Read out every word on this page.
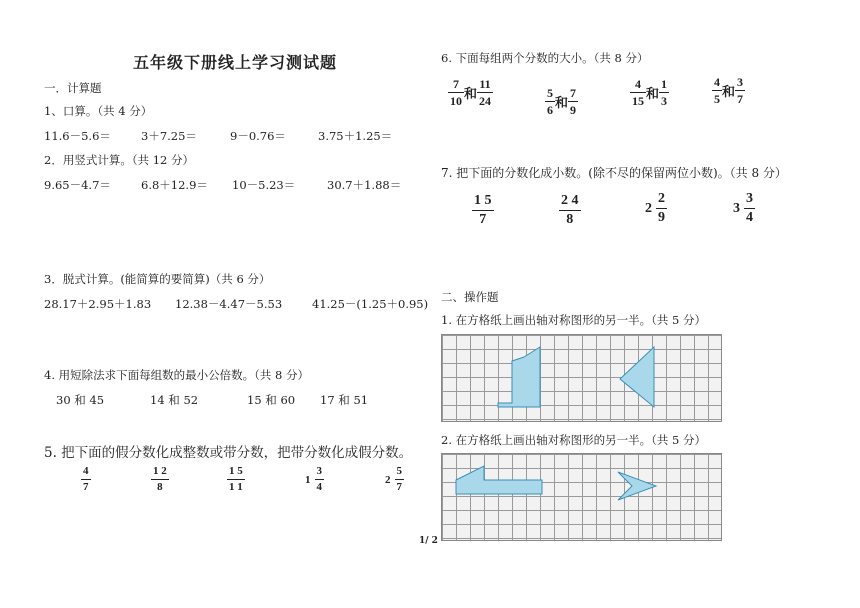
五年级下册线上学习测试题
一．计算题
1、口算。（共 4 分）
11.6－5.6＝	3＋7.25＝	9－0.76＝	3.75＋1.25＝
2．用竖式计算。（共 12 分）
9.65－4.7＝	6.8＋12.9＝ 10－5.23＝	30.7＋1.88＝
3．脱式计算。(能简算的要简算)（共 6 分）
28.17＋2.95＋1.83 12.38－4.47－5.53	41.25－(1.25＋0.95)
4. 用短除法求下面每组数的最小公倍数。（共 8 分）
30 和 45	14 和 52	15 和 60 17 和 51
5. 把下面的假分数化成整数或带分数，把带分数化成假分数。
4
7
1 2
8
1 5
1 1
$1 \frac{3}{4}$	$2 \frac{5}{7}$
1/ 2
6. 下面每组两个分数的大小。（共 8 分）
$\frac{7}{10}$ 和 $\frac{11}{24}$	$\frac{5}{6}$ 和 $\frac{7}{9}$	$\frac{4}{15}$ 和 $\frac{1}{3}$	$\frac{4}{5}$ 和 $\frac{3}{7}$
7. 把下面的分数化成小数。(除不尽的保留两位小数)。（共 8 分）
1 5
7
2 4
8
$2 \frac{2}{9}$	$3 \frac{3}{4}$
二、操作题
1. 在方格纸上画出轴对称图形的另一半。（共 5 分）
2. 在方格纸上画出轴对称图形的另一半。（共 5 分）
